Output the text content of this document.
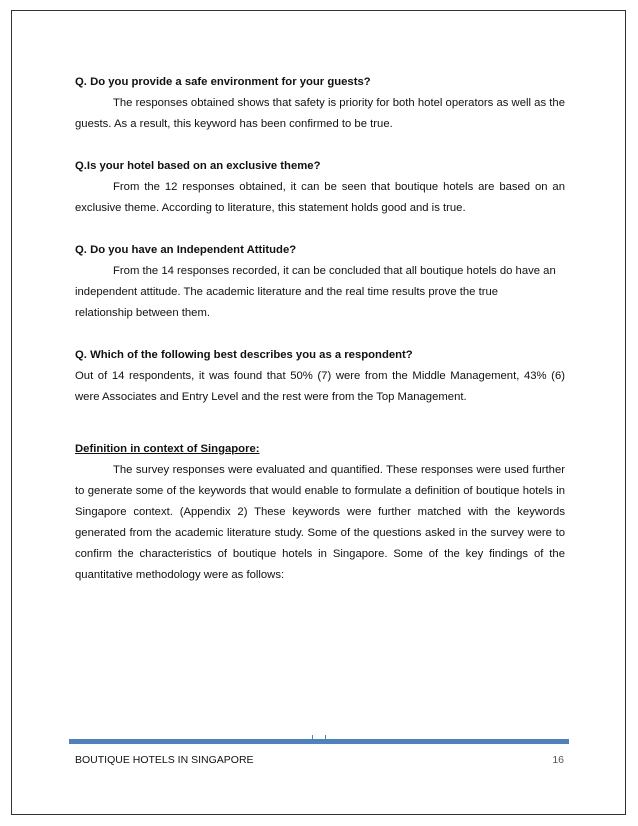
Q. Do you provide a safe environment for your guests?

The responses obtained shows that safety is priority for both hotel operators as well as the guests. As a result, this keyword has been confirmed to be true.

Q.Is your hotel based on an exclusive theme?

From the 12 responses obtained, it can be seen that boutique hotels are based on an exclusive theme. According to literature, this statement holds good and is true.

Q. Do you have an Independent Attitude?

From the 14 responses recorded, it can be concluded that all boutique hotels do have an

independent attitude. The academic literature and the real time results prove the true

relationship between them.

Q. Which of the following best describes you as a respondent?

Out of 14 respondents, it was found that 50% (7) were from the Middle Management, 43% (6) were Associates and Entry Level and the rest were from the Top Management.

Definition in context of Singapore:

The survey responses were evaluated and quantified. These responses were used further to generate some of the keywords that would enable to formulate a definition of boutique hotels in Singapore context. (Appendix 2) These keywords were further matched with the keywords generated from the academic literature study. Some of the questions asked in the survey were to confirm the characteristics of boutique hotels in Singapore. Some of the key findings of the quantitative methodology were as follows:

BOUTIQUE HOTELS IN SINGAPORE	16
